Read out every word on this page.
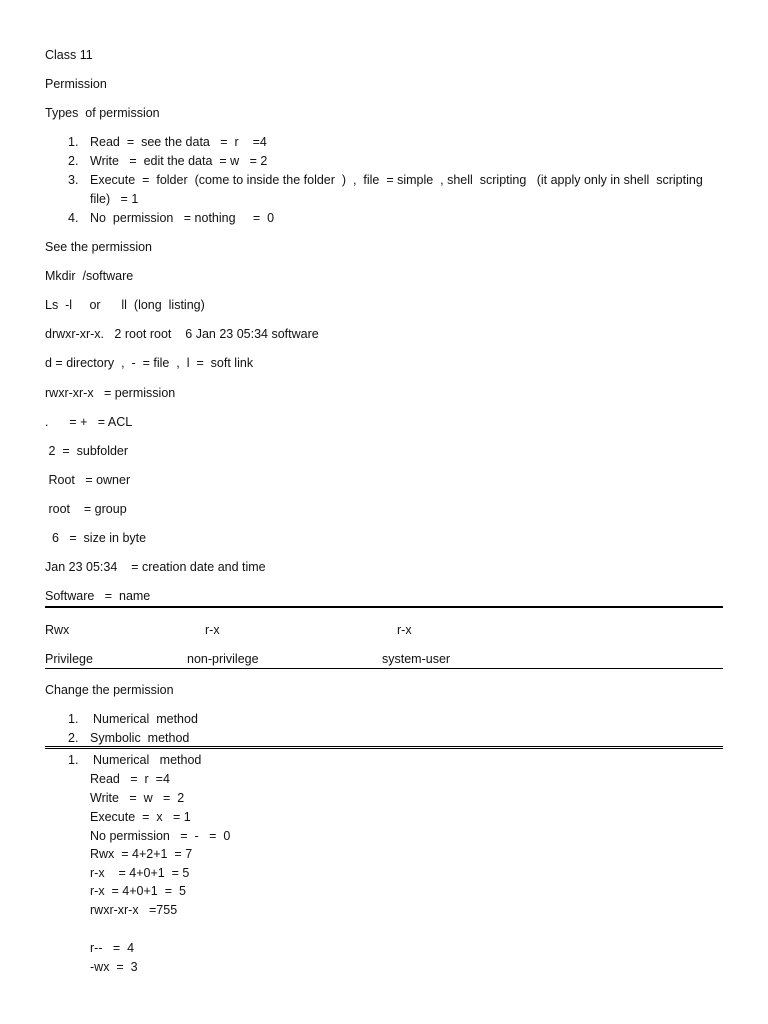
Class 11
Permission
Types  of permission
1. Read  =  see the data   =  r    =4
2. Write   =  edit the data  = w   = 2
3. Execute  =  folder  (come to inside the folder  )  ,  file  = simple  , shell  scripting   (it apply only in shell  scripting
file)   = 1
4. No  permission   = nothing     =  0
See the permission
Mkdir  /software
Ls  -l     or      ll  (long  listing)
drwxr-xr-x.   2 root root    6 Jan 23 05:34 software
d = directory  ,  -  = file  ,  l  =  soft link
rwxr-xr-x   = permission
.      = +   = ACL
2  =  subfolder
Root   = owner
root    = group
6   =  size in byte
Jan 23 05:34    = creation date and time
Software   =  name
Rwx	r-x	r-x
Privilege	non-privilege	system-user
Change the permission
1. Numerical  method
2. Symbolic  method
1. Numerical   method
Read   =  r  =4
Write   =  w   =  2
Execute  =  x   = 1
No permission   =  -   =  0
Rwx  = 4+2+1  = 7
r-x    = 4+0+1  = 5
r-x  = 4+0+1  =  5
rwxr-xr-x   =755
r--   =  4
-wx  =  3
